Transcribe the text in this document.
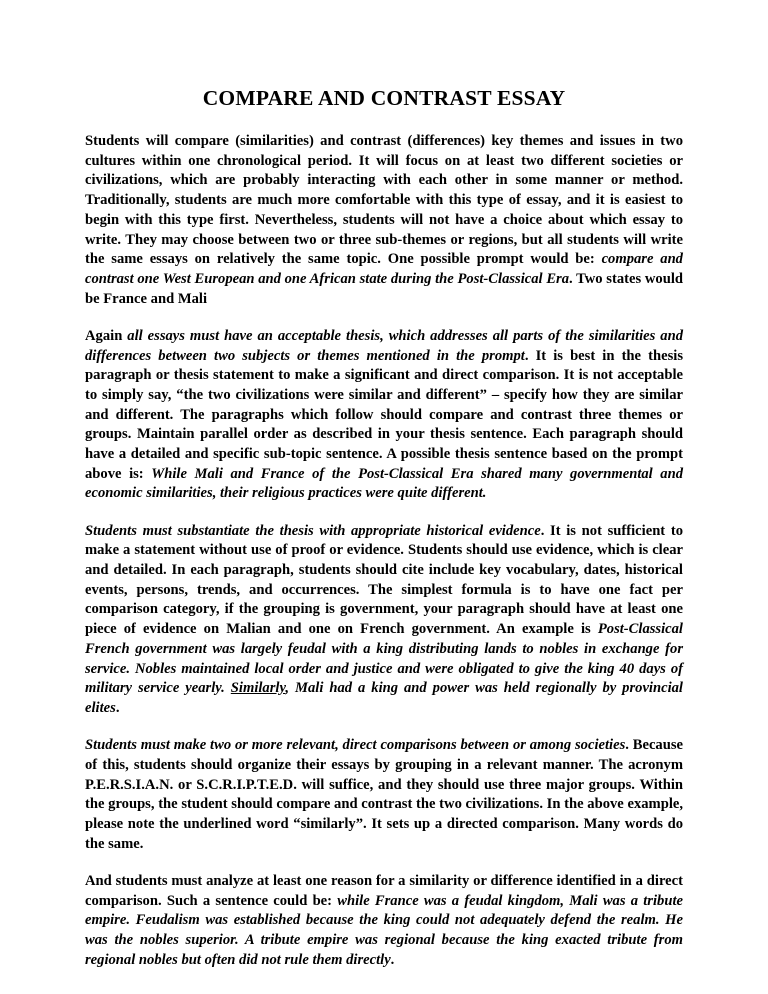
COMPARE AND CONTRAST ESSAY

Students will compare (similarities) and contrast (differences) key themes and issues in two cultures within one chronological period. It will focus on at least two different societies or civilizations, which are probably interacting with each other in some manner or method. Traditionally, students are much more comfortable with this type of essay, and it is easiest to begin with this type first. Nevertheless, students will not have a choice about which essay to write. They may choose between two or three sub-themes or regions, but all students will write the same essays on relatively the same topic. One possible prompt would be: compare and contrast one West European and one African state during the Post-Classical Era. Two states would be France and Mali

Again all essays must have an acceptable thesis, which addresses all parts of the similarities and differences between two subjects or themes mentioned in the prompt. It is best in the thesis paragraph or thesis statement to make a significant and direct comparison. It is not acceptable to simply say, “the two civilizations were similar and different” – specify how they are similar and different. The paragraphs which follow should compare and contrast three themes or groups. Maintain parallel order as described in your thesis sentence. Each paragraph should have a detailed and specific sub-topic sentence. A possible thesis sentence based on the prompt above is: While Mali and France of the Post-Classical Era shared many governmental and economic similarities, their religious practices were quite different.

Students must substantiate the thesis with appropriate historical evidence. It is not sufficient to make a statement without use of proof or evidence. Students should use evidence, which is clear and detailed. In each paragraph, students should cite include key vocabulary, dates, historical events, persons, trends, and occurrences. The simplest formula is to have one fact per comparison category, if the grouping is government, your paragraph should have at least one piece of evidence on Malian and one on French government. An example is Post-Classical French government was largely feudal with a king distributing lands to nobles in exchange for service. Nobles maintained local order and justice and were obligated to give the king 40 days of military service yearly. Similarly, Mali had a king and power was held regionally by provincial elites.

Students must make two or more relevant, direct comparisons between or among societies. Because of this, students should organize their essays by grouping in a relevant manner. The acronym P.E.R.S.I.A.N. or S.C.R.I.P.T.E.D. will suffice, and they should use three major groups. Within the groups, the student should compare and contrast the two civilizations. In the above example, please note the underlined word “similarly”. It sets up a directed comparison. Many words do the same.

And students must analyze at least one reason for a similarity or difference identified in a direct comparison. Such a sentence could be: while France was a feudal kingdom, Mali was a tribute empire. Feudalism was established because the king could not adequately defend the realm. He was the nobles superior. A tribute empire was regional because the king exacted tribute from regional nobles but often did not rule them directly.
